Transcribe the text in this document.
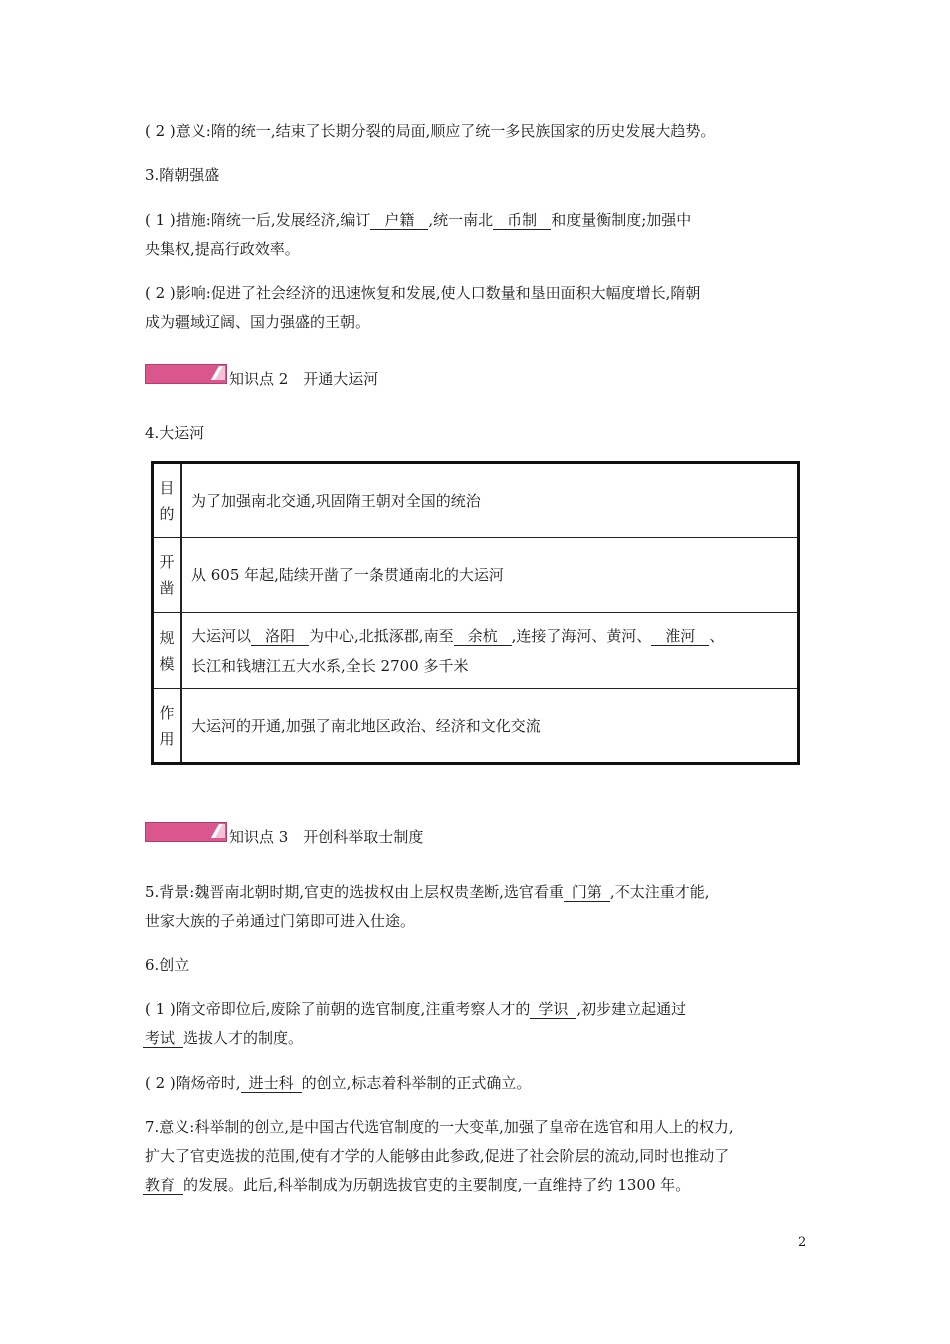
( 2 )意义:隋的统一,结束了长期分裂的局面,顺应了统一多民族国家的历史发展大趋势。
3.隋朝强盛
( 1 )措施:隋统一后,发展经济,编订 户籍 ,统一南北 币制 和度量衡制度;加强中
央集权,提高行政效率。
( 2 )影响:促进了社会经济的迅速恢复和发展,使人口数量和垦田面积大幅度增长,隋朝
成为疆域辽阔、国力强盛的王朝。
知识点 2　开通大运河
4.大运河
目
的	为了加强南北交通,巩固隋王朝对全国的统治
开
凿	从 605 年起,陆续开凿了一条贯通南北的大运河
规
模	大运河以 洛阳 为中心,北抵涿郡,南至 余杭 ,连接了海河、黄河、 淮河 、
长江和钱塘江五大水系,全长 2700 多千米
作
用	大运河的开通,加强了南北地区政治、经济和文化交流
知识点 3　开创科举取士制度
5.背景:魏晋南北朝时期,官吏的选拔权由上层权贵垄断,选官看重 门第 ,不太注重才能,
世家大族的子弟通过门第即可进入仕途。
6.创立
( 1 )隋文帝即位后,废除了前朝的选官制度,注重考察人才的 学识 ,初步建立起通过
考试 选拔人才的制度。
( 2 )隋炀帝时, 进士科 的创立,标志着科举制的正式确立。
7.意义:科举制的创立,是中国古代选官制度的一大变革,加强了皇帝在选官和用人上的权力,
扩大了官吏选拔的范围,使有才学的人能够由此参政,促进了社会阶层的流动,同时也推动了
教育 的发展。此后,科举制成为历朝选拔官吏的主要制度,一直维持了约 1300 年。
2
